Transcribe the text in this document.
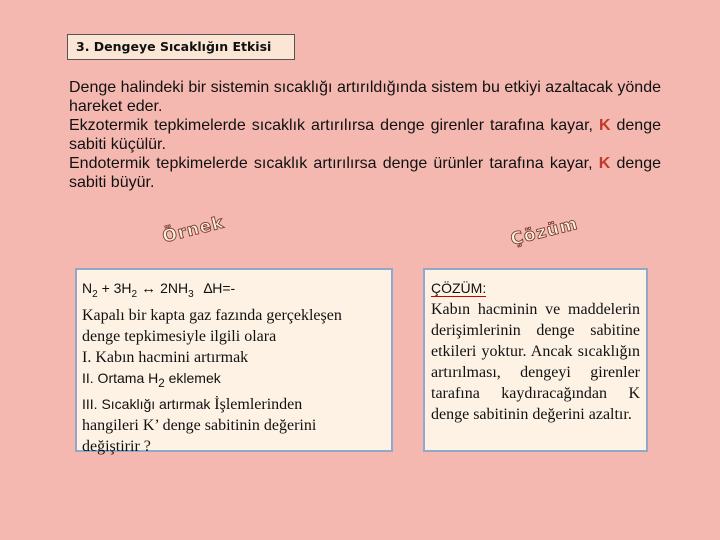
3. Dengeye Sıcaklığın Etkisi

Denge halindeki bir sistemin sıcaklığı artırıldığında sistem bu etkiyi azaltacak yönde hareket eder.

Ekzotermik tepkimelerde sıcaklık artırılırsa denge girenler tarafına kayar, K denge sabiti küçülür.

Endotermik tepkimelerde sıcaklık artırılırsa denge ürünler tarafına kayar, K denge sabiti büyür.

Örnek	Çözüm
$N_2 + 3H_2$ ↔ $2NH_3$ ∆H=-
Kapalı bir kapta gaz fazında gerçekleşen
denge tepkimesiyle ilgili olara
I. Kabın hacmini artırmak
II. Ortama $H_2$ eklemek
III. Sıcaklığı artırmak İşlemlerinden
hangileri K’ denge sabitinin değerini
değiştirir ?
ÇÖZÜM:

Kabın hacminin ve maddelerin derişimlerinin denge sabitine etkileri yoktur. Ancak sıcaklığın artırılması, dengeyi girenler tarafına kaydıracağından K denge sabitinin değerini azaltır.
